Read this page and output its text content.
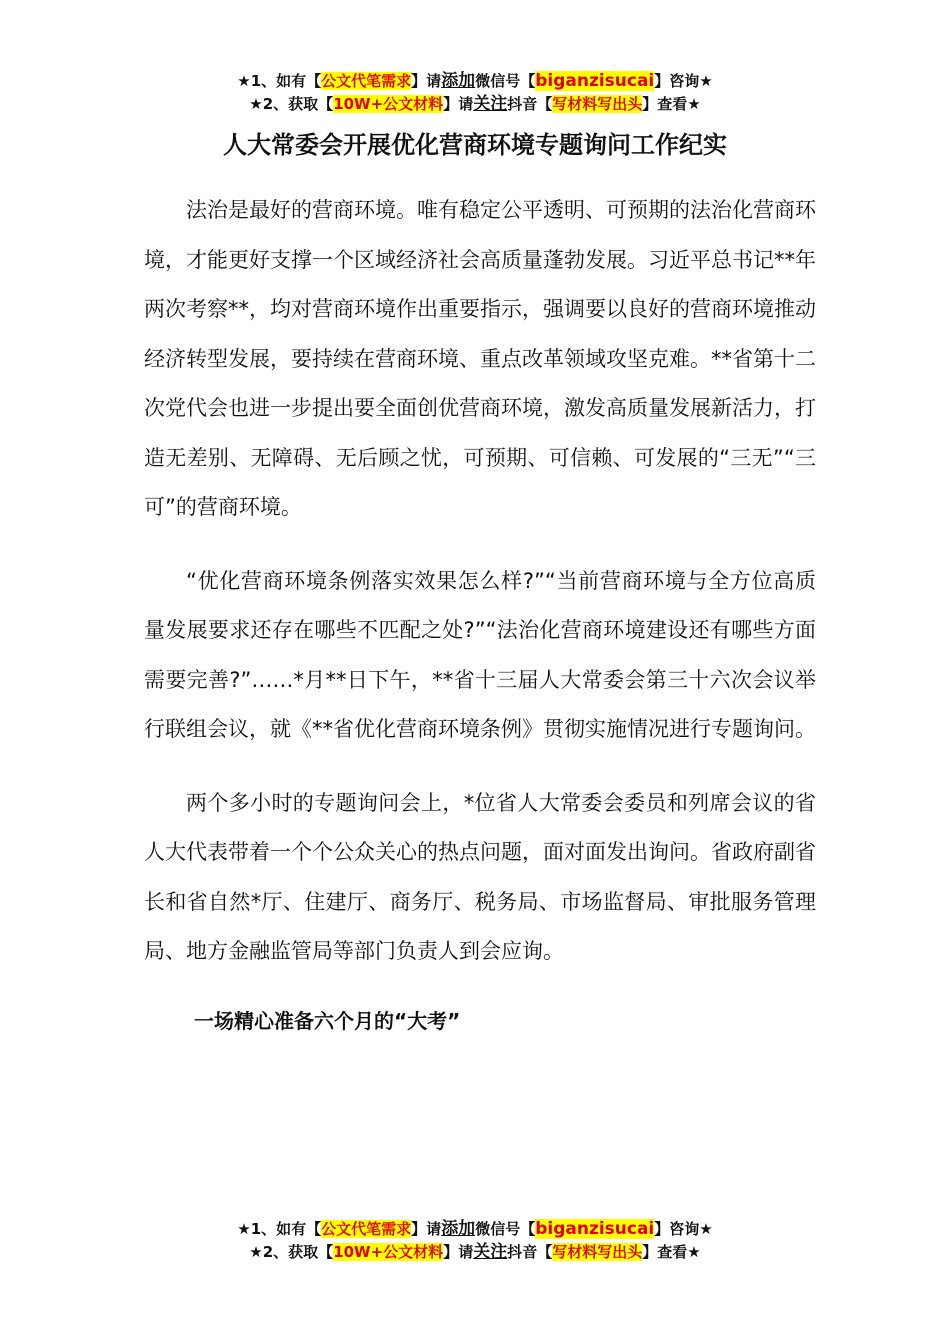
★1、如有【公文代笔需求】请添加微信号【biganzisucai】咨询★
★2、获取【10W+公文材料】请关注抖音【写材料写出头】查看★
人大常委会开展优化营商环境专题询问工作纪实

法治是最好的营商环境。唯有稳定公平透明、可预期的法治化营商环境，才能更好支撑一个区域经济社会高质量蓬勃发展。习近平总书记**年两次考察**，均对营商环境作出重要指示，强调要以良好的营商环境推动经济转型发展，要持续在营商环境、重点改革领域攻坚克难。**省第十二次党代会也进一步提出要全面创优营商环境，激发高质量发展新活力，打造无差别、无障碍、无后顾之忧，可预期、可信赖、可发展的“三无”“三可”的营商环境。

“优化营商环境条例落实效果怎么样?”“当前营商环境与全方位高质量发展要求还存在哪些不匹配之处?”“法治化营商环境建设还有哪些方面需要完善?”……*月**日下午，**省十三届人大常委会第三十六次会议举行联组会议，就《**省优化营商环境条例》贯彻实施情况进行专题询问。

两个多小时的专题询问会上，*位省人大常委会委员和列席会议的省人大代表带着一个个公众关心的热点问题，面对面发出询问。省政府副省长和省自然*厅、住建厅、商务厅、税务局、市场监督局、审批服务管理局、地方金融监管局等部门负责人到会应询。

一场精心准备六个月的“大考”

★1、如有【公文代笔需求】请添加微信号【biganzisucai】咨询★
★2、获取【10W+公文材料】请关注抖音【写材料写出头】查看★
